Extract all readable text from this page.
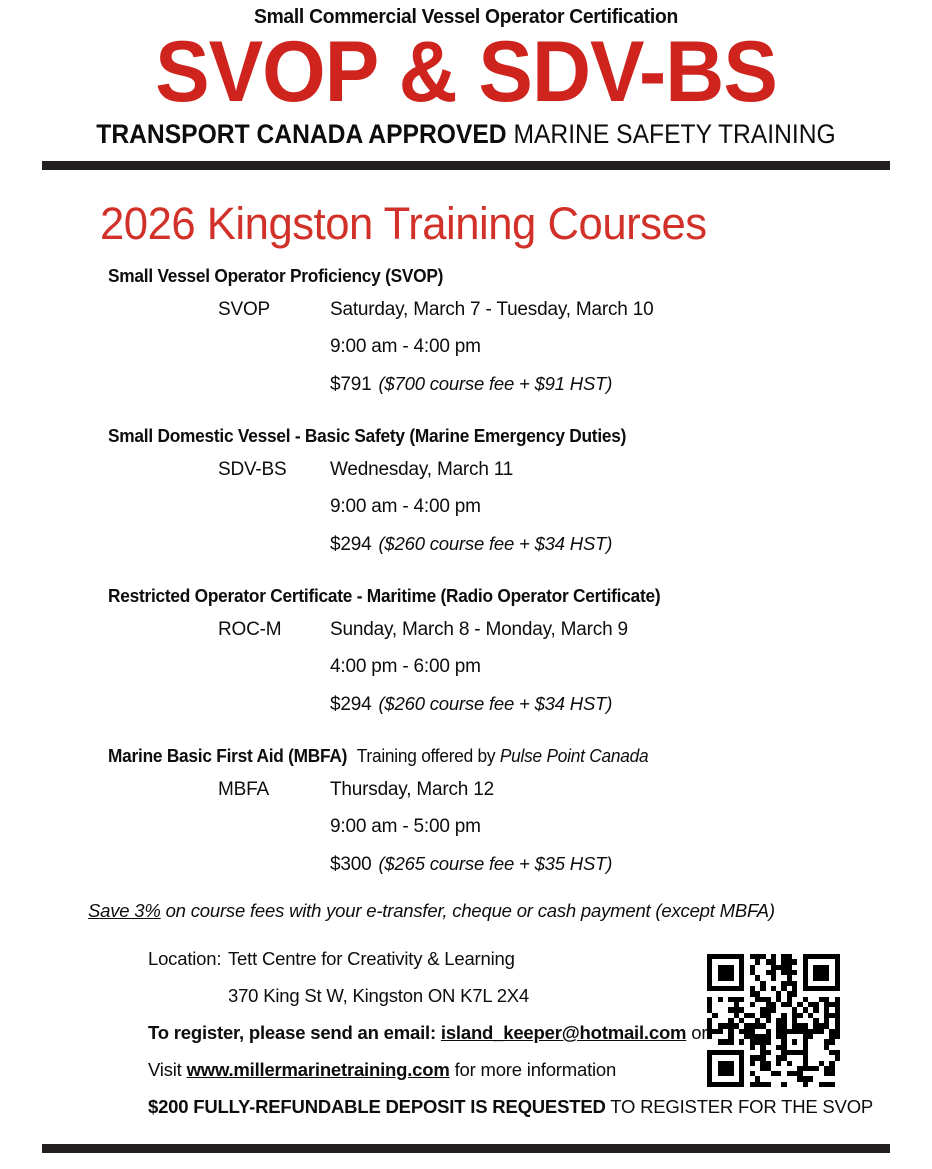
Small Commercial Vessel Operator Certification
SVOP & SDV-BS
TRANSPORT CANADA APPROVED MARINE SAFETY TRAINING
2026 Kingston Training Courses
Small Vessel Operator Proficiency (SVOP)
SVOP	Saturday, March 7 - Tuesday, March 10
9:00 am - 4:00 pm
$791 ($700 course fee + $91 HST)
Small Domestic Vessel - Basic Safety (Marine Emergency Duties)
SDV-BS	Wednesday, March 11
9:00 am - 4:00 pm
$294 ($260 course fee + $34 HST)
Restricted Operator Certificate - Maritime (Radio Operator Certificate)
ROC-M	Sunday, March 8 - Monday, March 9
4:00 pm - 6:00 pm
$294 ($260 course fee + $34 HST)
Marine Basic First Aid (MBFA) Training offered by Pulse Point Canada
MBFA	Thursday, March 12
9:00 am - 5:00 pm
$300 ($265 course fee + $35 HST)
Save 3% on course fees with your e-transfer, cheque or cash payment (except MBFA)
Location: Tett Centre for Creativity & Learning
370 King St W, Kingston ON K7L 2X4
To register, please send an email: island_keeper@hotmail.com or
Visit www.millermarinetraining.com for more information
$200 FULLY-REFUNDABLE DEPOSIT IS REQUESTED TO REGISTER FOR THE SVOP
